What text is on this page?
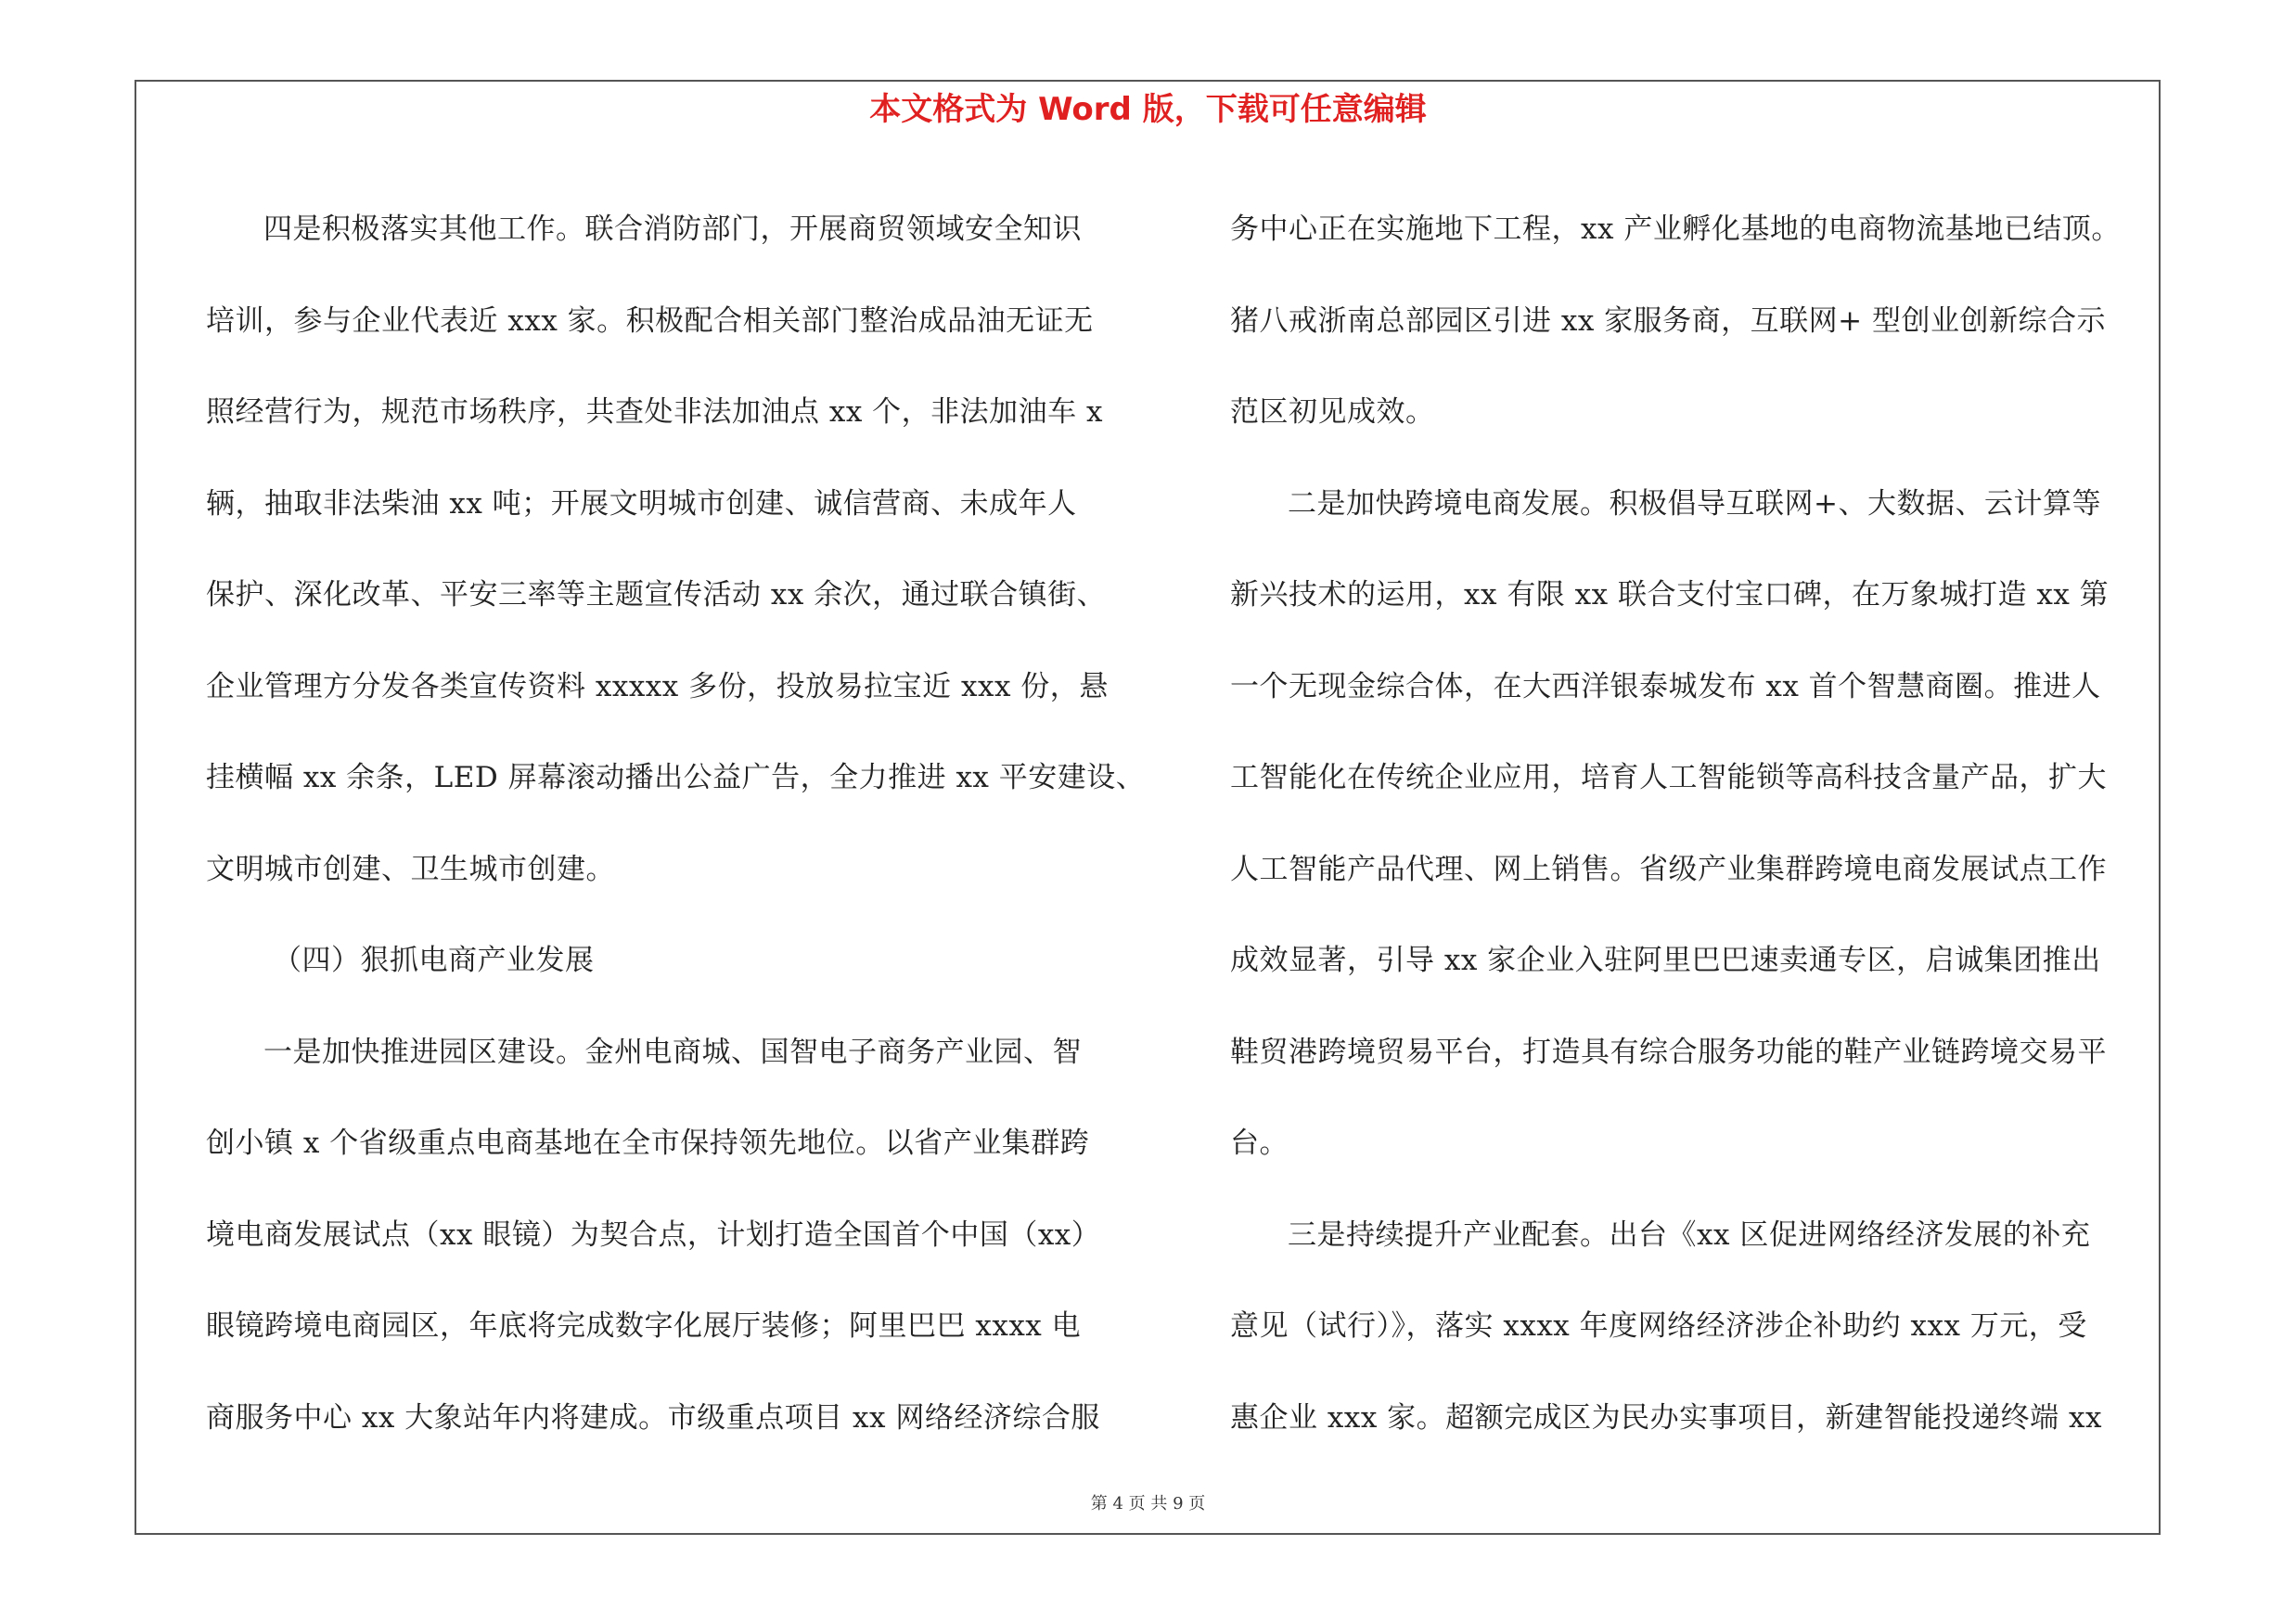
本文格式为 Word 版，下载可任意编辑
四是积极落实其他工作。联合消防部门，开展商贸领域安全知识
培训，参与企业代表近 xxx 家。积极配合相关部门整治成品油无证无
照经营行为，规范市场秩序，共查处非法加油点 xx 个，非法加油车 x
辆，抽取非法柴油 xx 吨；开展文明城市创建、诚信营商、未成年人
保护、深化改革、平安三率等主题宣传活动 xx 余次，通过联合镇街、
企业管理方分发各类宣传资料 xxxxx 多份，投放易拉宝近 xxx 份，悬
挂横幅 xx 余条，LED 屏幕滚动播出公益广告，全力推进 xx 平安建设、
文明城市创建、卫生城市创建。
（四）狠抓电商产业发展
一是加快推进园区建设。金州电商城、国智电子商务产业园、智
创小镇 x 个省级重点电商基地在全市保持领先地位。以省产业集群跨
境电商发展试点（xx 眼镜）为契合点，计划打造全国首个中国（xx）
眼镜跨境电商园区，年底将完成数字化展厅装修；阿里巴巴 xxxx 电
商服务中心 xx 大象站年内将建成。市级重点项目 xx 网络经济综合服
务中心正在实施地下工程，xx 产业孵化基地的电商物流基地已结顶。
猪八戒浙南总部园区引进 xx 家服务商，互联网+ 型创业创新综合示
范区初见成效。
二是加快跨境电商发展。积极倡导互联网+、大数据、云计算等
新兴技术的运用，xx 有限 xx 联合支付宝口碑，在万象城打造 xx 第
一个无现金综合体，在大西洋银泰城发布 xx 首个智慧商圈。推进人
工智能化在传统企业应用，培育人工智能锁等高科技含量产品，扩大
人工智能产品代理、网上销售。省级产业集群跨境电商发展试点工作
成效显著，引导 xx 家企业入驻阿里巴巴速卖通专区，启诚集团推出
鞋贸港跨境贸易平台，打造具有综合服务功能的鞋产业链跨境交易平
台。
三是持续提升产业配套。出台《xx 区促进网络经济发展的补充
意见（试行）》，落实 xxxx 年度网络经济涉企补助约 xxx 万元，受
惠企业 xxx 家。超额完成区为民办实事项目，新建智能投递终端 xx
第 4 页 共 9 页
